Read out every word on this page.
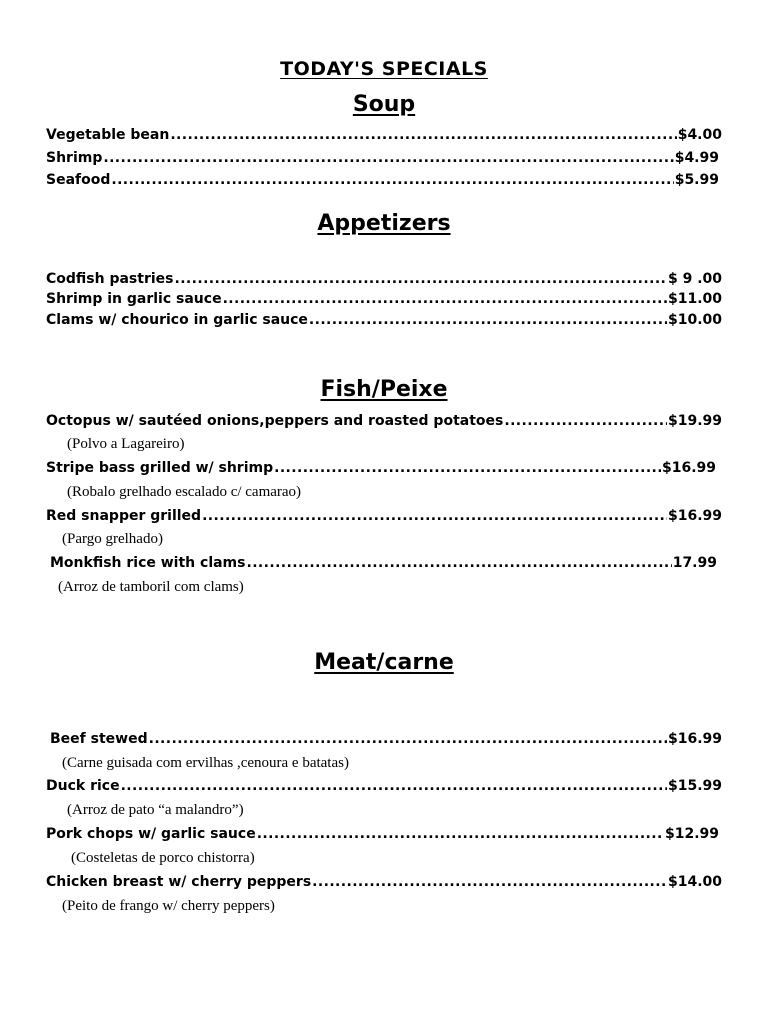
TODAY'S SPECIALS
Soup
Vegetable bean .....	$4.00
Shrimp .....	$4.99
Seafood .....	$5.99
Appetizers
Codfish pastries .....	$ 9 .00
Shrimp in garlic sauce .....	$11.00
Clams w/ chourico in garlic sauce .....	$10.00
Fish/Peixe
Octopus w/ sautéed onions,peppers and roasted potatoes .....	$19.99
(Polvo a Lagareiro)
Stripe bass grilled w/ shrimp .....	$16.99
(Robalo grelhado escalado c/ camarao)
Red snapper grilled .....	$16.99
(Pargo grelhado)
Monkfish rice with clams .....	17.99
(Arroz de tamboril com clams)
Meat/carne
Beef stewed .....	$16.99
(Carne guisada com ervilhas ,cenoura e batatas)
Duck rice .....	$15.99
(Arroz de pato “a malandro”)
Pork chops w/ garlic sauce .....	$12.99
(Costeletas de porco chistorra)
Chicken breast w/ cherry peppers .....	$14.00
(Peito de frango w/ cherry peppers)
